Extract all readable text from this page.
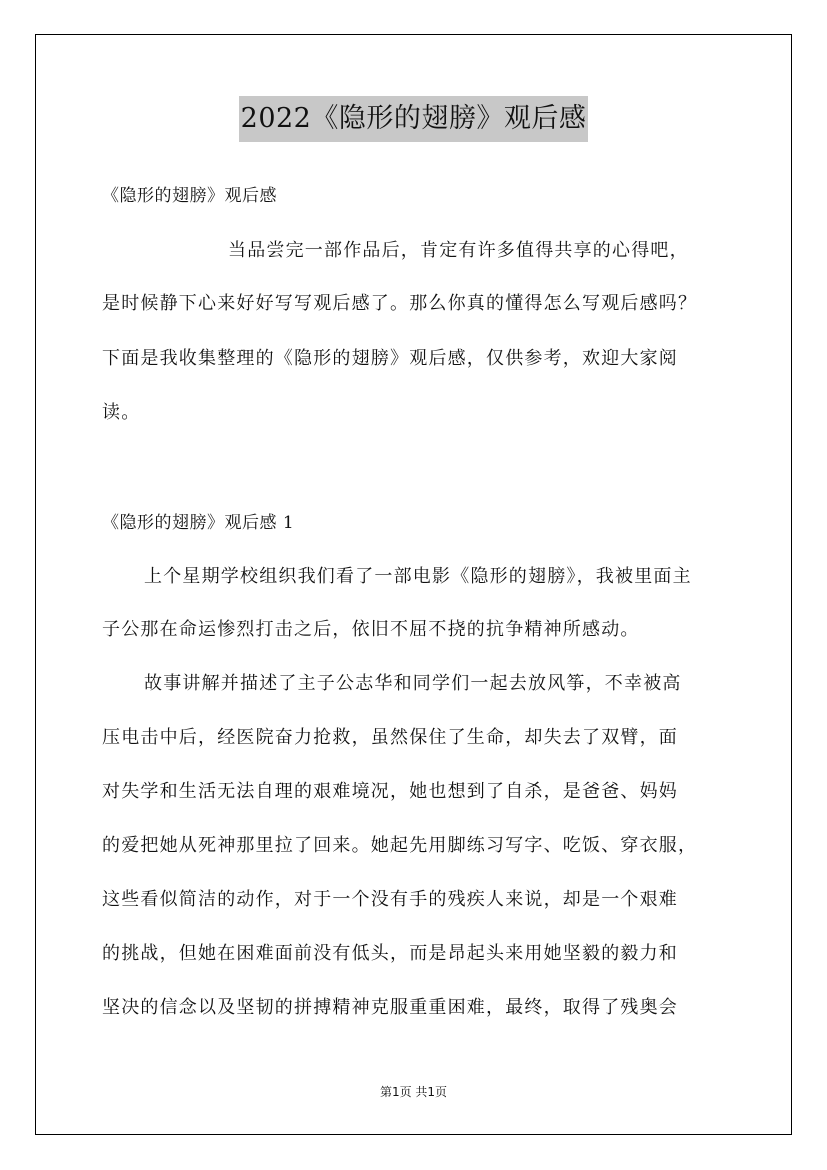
2022《隐形的翅膀》观后感
《隐形的翅膀》观后感
当品尝完一部作品后，肯定有许多值得共享的心得吧，
是时候静下心来好好写写观后感了。那么你真的懂得怎么写观后感吗？
下面是我收集整理的《隐形的翅膀》观后感，仅供参考，欢迎大家阅
读。
《隐形的翅膀》观后感 1
上个星期学校组织我们看了一部电影《隐形的翅膀》，我被里面主
子公那在命运惨烈打击之后，依旧不屈不挠的抗争精神所感动。
故事讲解并描述了主子公志华和同学们一起去放风筝，不幸被高
压电击中后，经医院奋力抢救，虽然保住了生命，却失去了双臂，面
对失学和生活无法自理的艰难境况，她也想到了自杀，是爸爸、妈妈
的爱把她从死神那里拉了回来。她起先用脚练习写字、吃饭、穿衣服，
这些看似简洁的动作，对于一个没有手的残疾人来说，却是一个艰难
的挑战，但她在困难面前没有低头，而是昂起头来用她坚毅的毅力和
坚决的信念以及坚韧的拼搏精神克服重重困难，最终，取得了残奥会
第1页 共1页
